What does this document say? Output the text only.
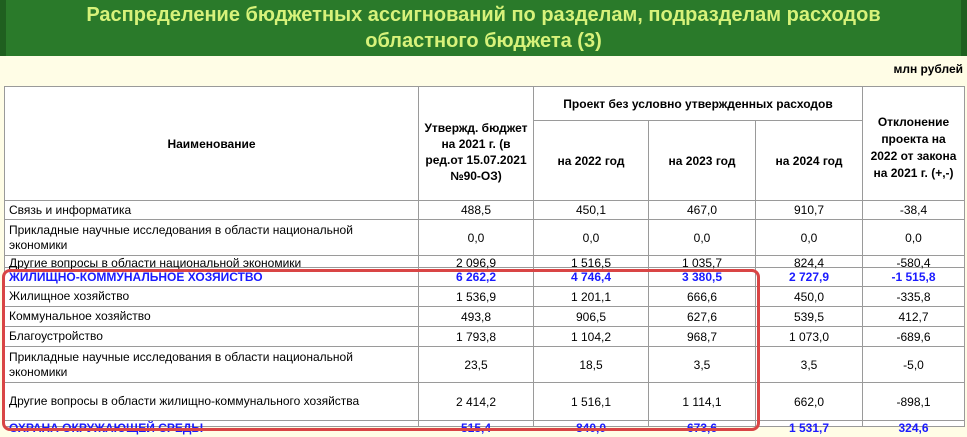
Распределение бюджетных ассигнований по разделам, подразделам расходов
областного бюджета (3)
млн рублей
Наименование	Утвержд. бюджет на 2021 г. (в ред.от 15.07.2021 №90-ОЗ)	Проект без условно утвержденных расходов			Отклонение проекта на 2022 от закона на 2021 г. (+,-)
		на 2022 год	на 2023 год	на 2024 год	
Связь и информатика	488,5	450,1	467,0	910,7	-38,4
Прикладные научные исследования в области национальной экономики	0,0	0,0	0,0	0,0	0,0

Другие вопросы в области национальной экономики	2 096,9	1 516,5	1 035,7	824,4	-580,4

ЖИЛИЩНО-КОММУНАЛЬНОЕ ХОЗЯЙСТВО	6 262,2	4 746,4	3 380,5	2 727,9	-1 515,8
Жилищное хозяйство	1 536,9	1 201,1	666,6	450,0	-335,8
Коммунальное хозяйство	493,8	906,5	627,6	539,5	412,7
Благоустройство	1 793,8	1 104,2	968,7	1 073,0	-689,6
Прикладные научные исследования в области национальной экономики	23,5	18,5	3,5	3,5	-5,0
Другие вопросы в области жилищно-коммунального хозяйства	2 414,2	1 516,1	1 114,1	662,0	-898,1

ОХРАНА ОКРУЖАЮЩЕЙ СРЕДЫ	515,4	840,0	673,6	1 531,7	324,6
